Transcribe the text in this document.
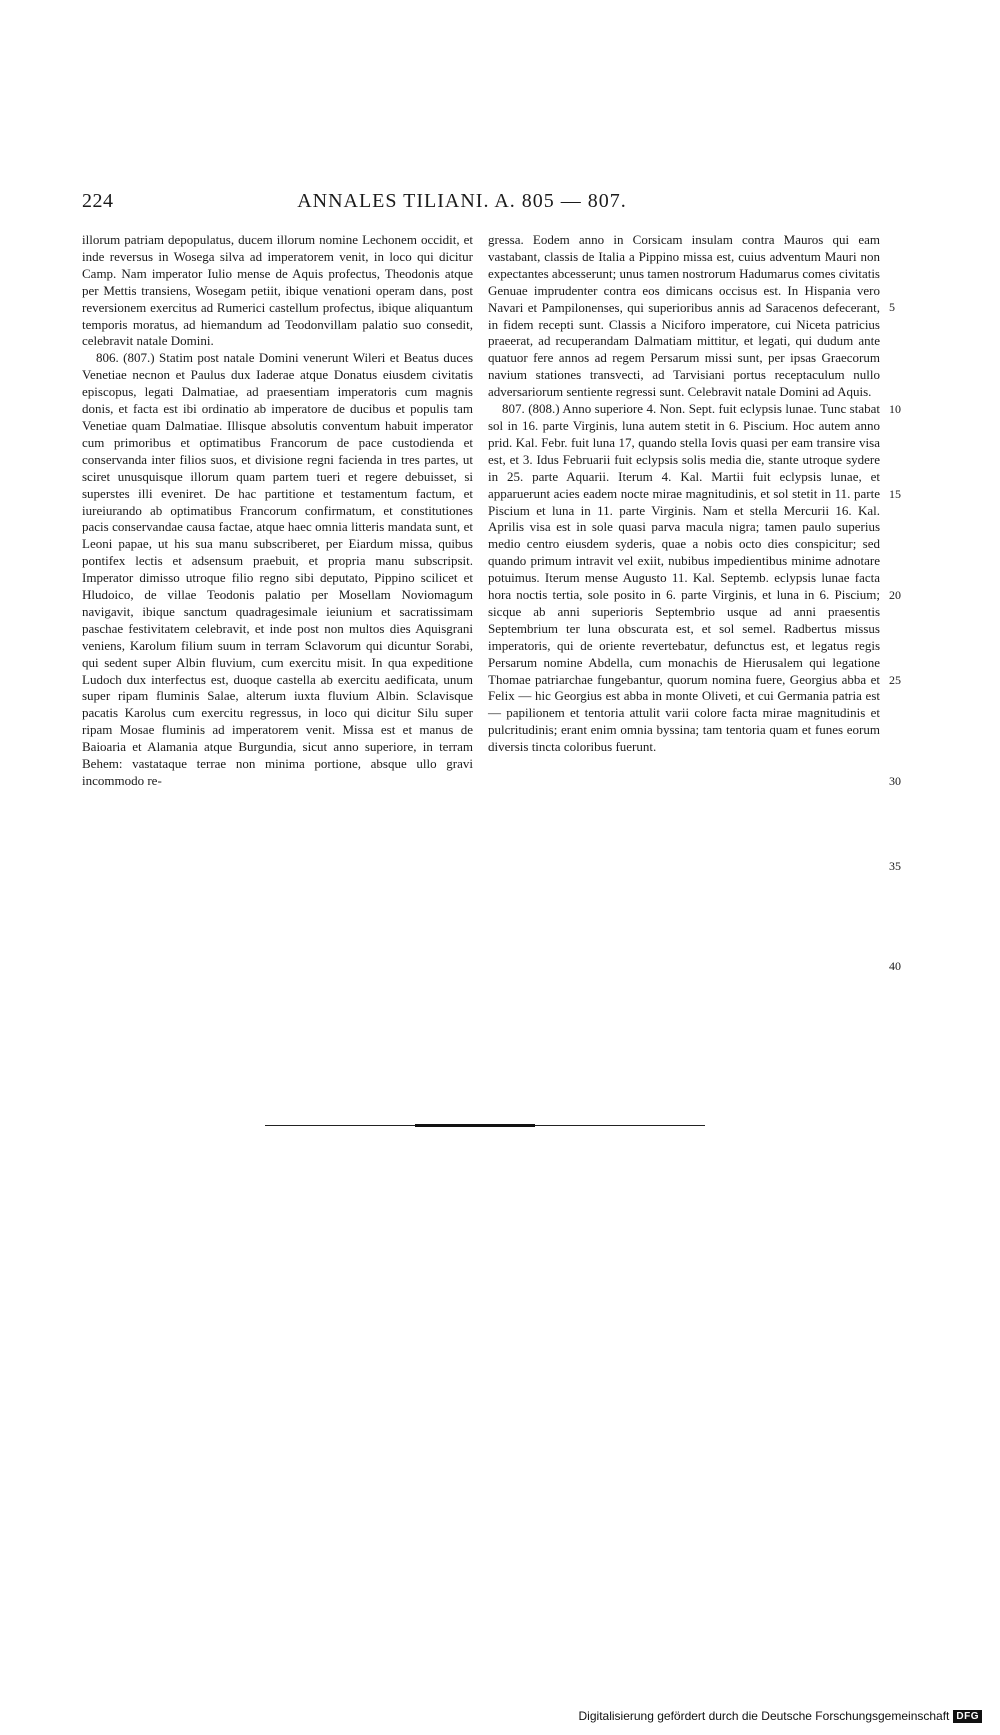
224	ANNALES TILIANI. A. 805 — 807.

illorum patriam depopulatus, ducem illorum nomine Lechonem occidit, et inde reversus in Wosega silva ad imperatorem venit, in loco qui dicitur Camp. Nam imperator Iulio mense de Aquis profectus, Theodonis atque per Mettis transiens, Wosegam petiit, ibique venationi operam dans, post reversionem exercitus ad Rumerici castellum profectus, ibique aliquantum temporis moratus, ad hiemandum ad Teodonvillam palatio suo consedit, celebravit natale Domini.

806. (807.) Statim post natale Domini venerunt Wileri et Beatus duces Venetiae necnon et Paulus dux Iaderae atque Donatus eiusdem civitatis episcopus, legati Dalmatiae, ad praesentiam imperatoris cum magnis donis, et facta est ibi ordinatio ab imperatore de ducibus et populis tam Venetiae quam Dalmatiae. Illisque absolutis conventum habuit imperator cum primoribus et optimatibus Francorum de pace custodienda et conservanda inter filios suos, et divisione regni facienda in tres partes, ut sciret unusquisque illorum quam partem tueri et regere debuisset, si superstes illi eveniret. De hac partitione et testamentum factum, et iureiurando ab optimatibus Francorum confirmatum, et constitutiones pacis conservandae causa factae, atque haec omnia litteris mandata sunt, et Leoni papae, ut his sua manu subscriberet, per Eiardum missa, quibus pontifex lectis et adsensum praebuit, et propria manu subscripsit. Imperator dimisso utroque filio regno sibi deputato, Pippino scilicet et Hludoico, de villae Teodonis palatio per Mosellam Noviomagum navigavit, ibique sanctum quadragesimale ieiunium et sacratissimam paschae festivitatem celebravit, et inde post non multos dies Aquisgrani veniens, Karolum filium suum in terram Sclavorum qui dicuntur Sorabi, qui sedent super Albin fluvium, cum exercitu misit. In qua expeditione Ludoch dux interfectus est, duoque castella ab exercitu aedificata, unum super ripam fluminis Salae, alterum iuxta fluvium Albin. Sclavisque pacatis Karolus cum exercitu regressus, in loco qui dicitur Silu super ripam Mosae fluminis ad imperatorem venit. Missa est et manus de Baioaria et Alamania atque Burgundia, sicut anno superiore, in terram Behem: vastataque terrae non minima portione, absque ullo gravi incommodo re-

gressa. Eodem anno in Corsicam insulam contra Mauros qui eam vastabant, classis de Italia a Pippino missa est, cuius adventum Mauri non expectantes abcesserunt; unus tamen nostrorum Hadumarus comes civitatis Genuae imprudenter contra eos dimicans occisus est. In Hispania vero Navari et Pampilonenses, qui superioribus annis ad Saracenos defecerant, in fidem recepti sunt. Classis a Niciforo imperatore, cui Niceta patricius praeerat, ad recuperandam Dalmatiam mittitur, et legati, qui dudum ante quatuor fere annos ad regem Persarum missi sunt, per ipsas Graecorum navium stationes transvecti, ad Tarvisiani portus receptaculum nullo adversariorum sentiente regressi sunt. Celebravit natale Domini ad Aquis.

807. (808.) Anno superiore 4. Non. Sept. fuit eclypsis lunae. Tunc stabat sol in 16. parte Virginis, luna autem stetit in 6. Piscium. Hoc autem anno prid. Kal. Febr. fuit luna 17, quando stella Iovis quasi per eam transire visa est, et 3. Idus Februarii fuit eclypsis solis media die, stante utroque sydere in 25. parte Aquarii. Iterum 4. Kal. Martii fuit eclypsis lunae, et apparuerunt acies eadem nocte mirae magnitudinis, et sol stetit in 11. parte Piscium et luna in 11. parte Virginis. Nam et stella Mercurii 16. Kal. Aprilis visa est in sole quasi parva macula nigra; tamen paulo superius medio centro eiusdem syderis, quae a nobis octo dies conspicitur; sed quando primum intravit vel exiit, nubibus impedientibus minime adnotare potuimus. Iterum mense Augusto 11. Kal. Septemb. eclypsis lunae facta hora noctis tertia, sole posito in 6. parte Virginis, et luna in 6. Piscium; sicque ab anni superioris Septembrio usque ad anni praesentis Septembrium ter luna obscurata est, et sol semel. Radbertus missus imperatoris, qui de oriente revertebatur, defunctus est, et legatus regis Persarum nomine Abdella, cum monachis de Hierusalem qui legatione Thomae patriarchae fungebantur, quorum nomina fuere, Georgius abba et Felix — hic Georgius est abba in monte Oliveti, et cui Germania patria est — papilionem et tentoria attulit varii colore facta mirae magnitudinis et pulcritudinis; erant enim omnia byssina; tam tentoria quam et funes eorum diversis tincta coloribus fuerunt.

5
10
15
20
25
30
35
40
Digitalisierung gefördert durch die Deutsche Forschungsgemeinschaft DFG
